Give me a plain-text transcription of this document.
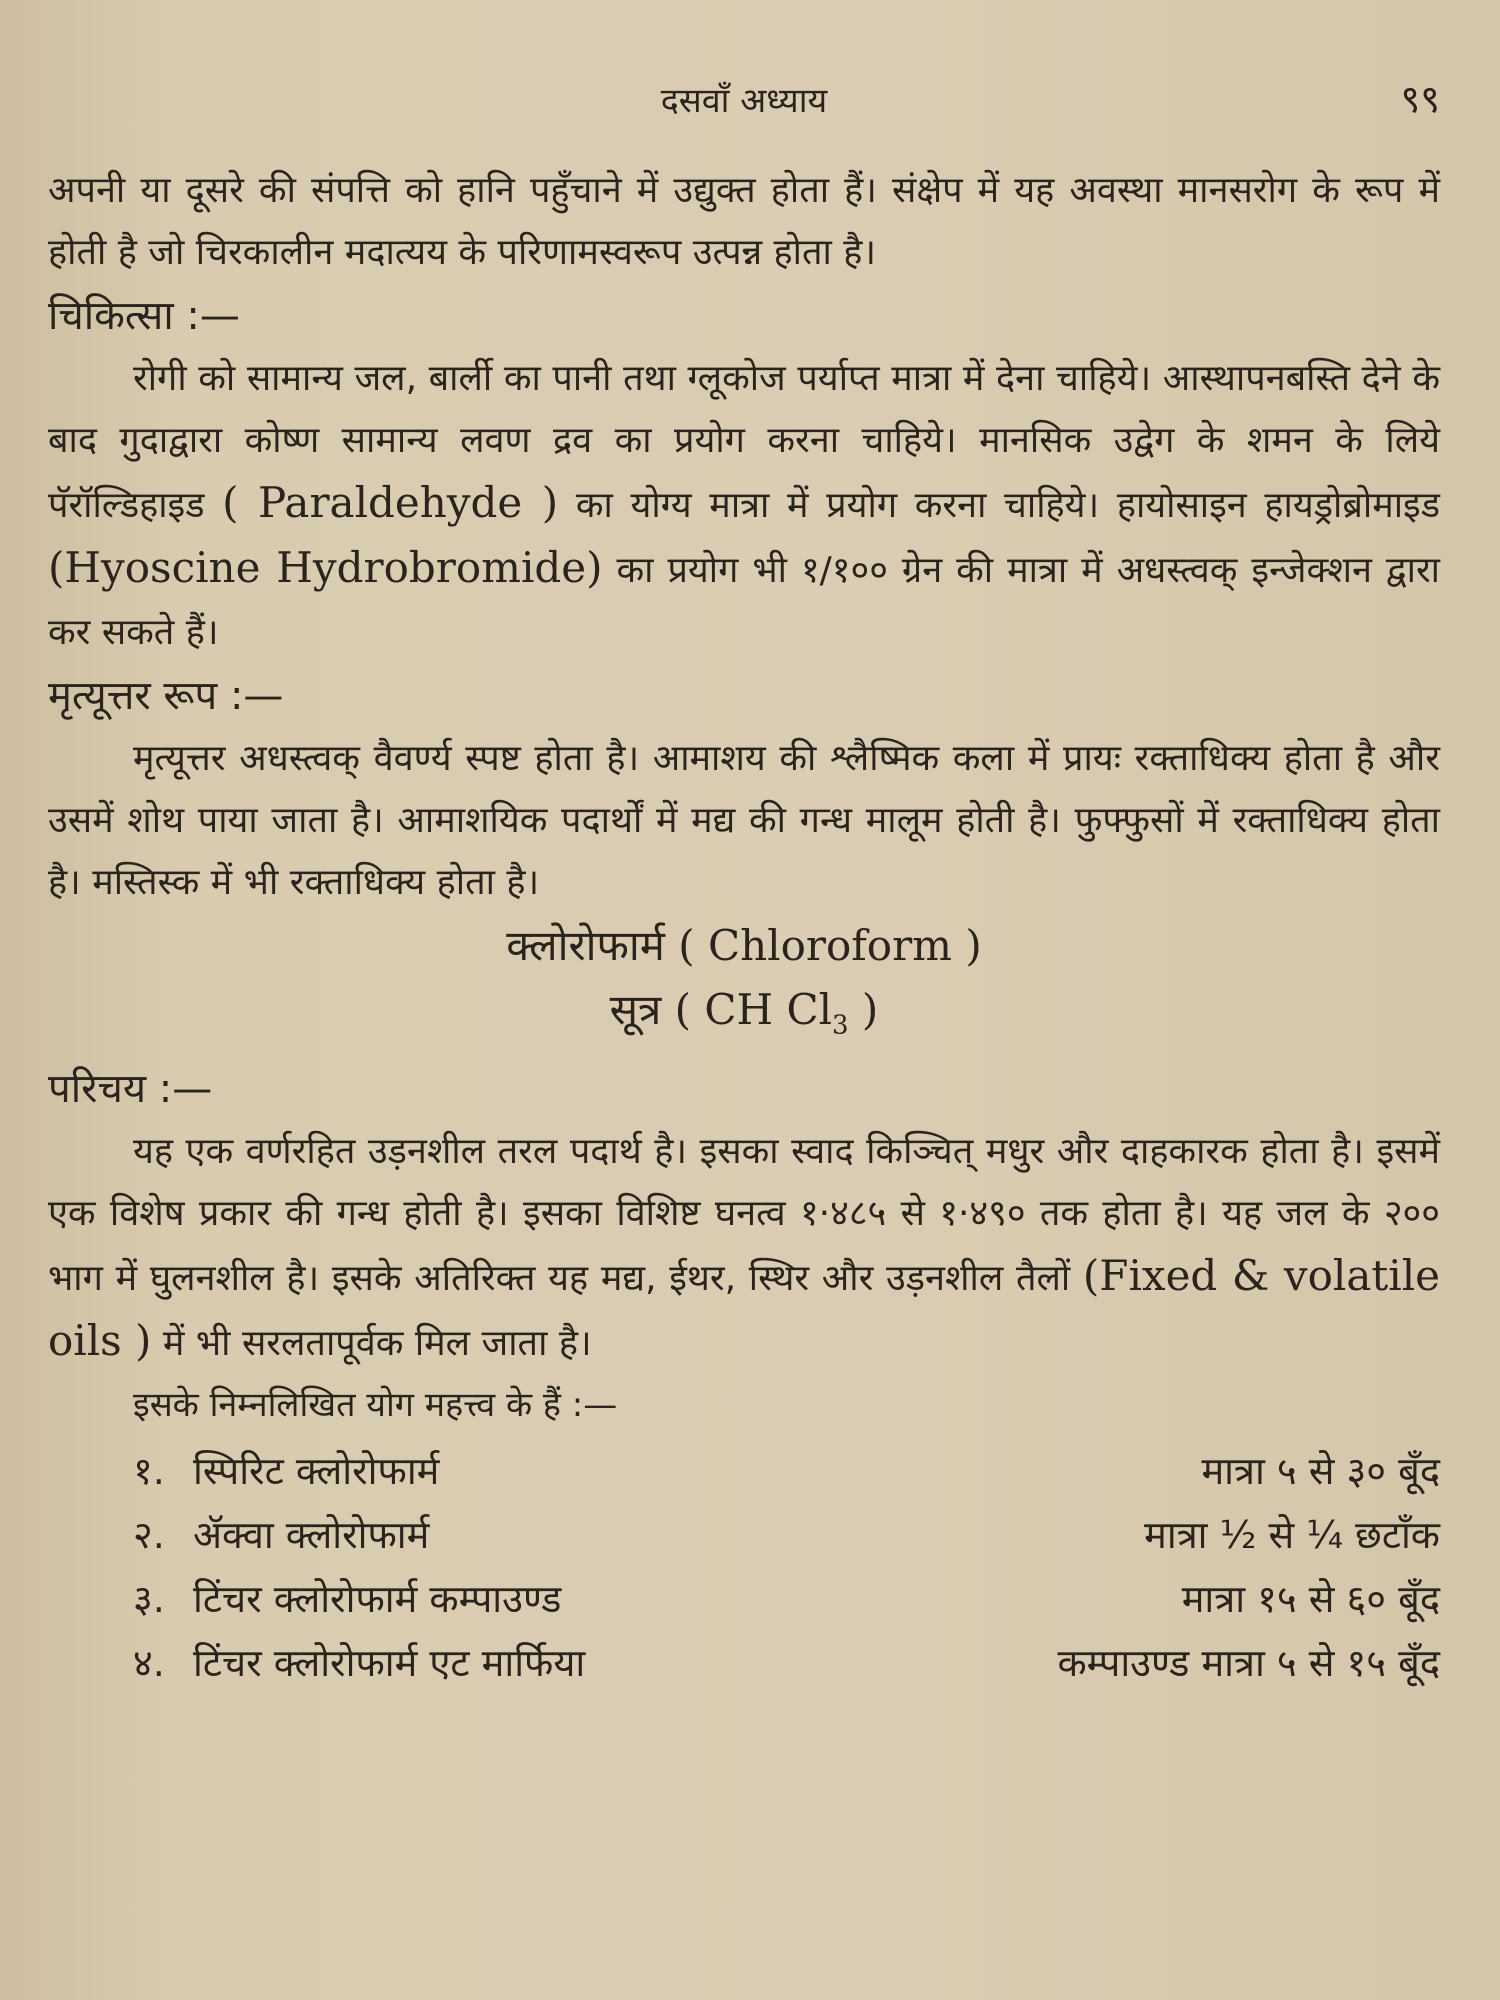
दसवाँ अध्याय	९९

अपनी या दूसरे की संपत्ति को हानि पहुँचाने में उद्युक्त होता हैं। संक्षेप में यह अवस्था मानसरोग के रूप में होती है जो चिरकालीन मदात्यय के परिणामस्वरूप उत्पन्न होता है।

चिकित्सा :—

रोगी को सामान्य जल, बार्ली का पानी तथा ग्लूकोज पर्याप्त मात्रा में देना चाहिये। आस्थापनबस्ति देने के बाद गुदाद्वारा कोष्ण सामान्य लवण द्रव का प्रयोग करना चाहिये। मानसिक उद्वेग के शमन के लिये पॅरॉल्डिहाइड ( Paraldehyde ) का योग्य मात्रा में प्रयोग करना चाहिये। हायोसाइन हायड्रोब्रोमाइड (Hyoscine Hydrobromide) का प्रयोग भी १/१०० ग्रेन की मात्रा में अधस्त्वक् इन्जेक्शन द्वारा कर सकते हैं।

मृत्यूत्तर रूप :—

मृत्यूत्तर अधस्त्वक् वैवर्ण्य स्पष्ट होता है। आमाशय की श्लैष्मिक कला में प्रायः रक्ताधिक्य होता है और उसमें शोथ पाया जाता है। आमाशयिक पदार्थों में मद्य की गन्ध मालूम होती है। फुफ्फुसों में रक्ताधिक्य होता है। मस्तिस्क में भी रक्ताधिक्य होता है।

क्लोरोफार्म ( Chloroform )
सूत्र ( CH $Cl_3$ )
परिचय :—

यह एक वर्णरहित उड़नशील तरल पदार्थ है। इसका स्वाद किञ्चित् मधुर और दाहकारक होता है। इसमें एक विशेष प्रकार की गन्ध होती है। इसका विशिष्ट घनत्व १·४८५ से १·४९० तक होता है। यह जल के २०० भाग में घुलनशील है। इसके अतिरिक्त यह मद्य, ईथर, स्थिर और उड़नशील तैलों (Fixed & volatile oils ) में भी सरलतापूर्वक मिल जाता है।

इसके निम्नलिखित योग महत्त्व के हैं :—
१. स्पिरिट क्लोरोफार्म	मात्रा ५ से ३० बूँद
२. ॲक्वा क्लोरोफार्म	मात्रा ½ से ¼ छटाँक
३. टिंचर क्लोरोफार्म कम्पाउण्ड	मात्रा १५ से ६० बूँद
४. टिंचर क्लोरोफार्म एट मार्फिया	कम्पाउण्ड मात्रा ५ से १५ बूँद
